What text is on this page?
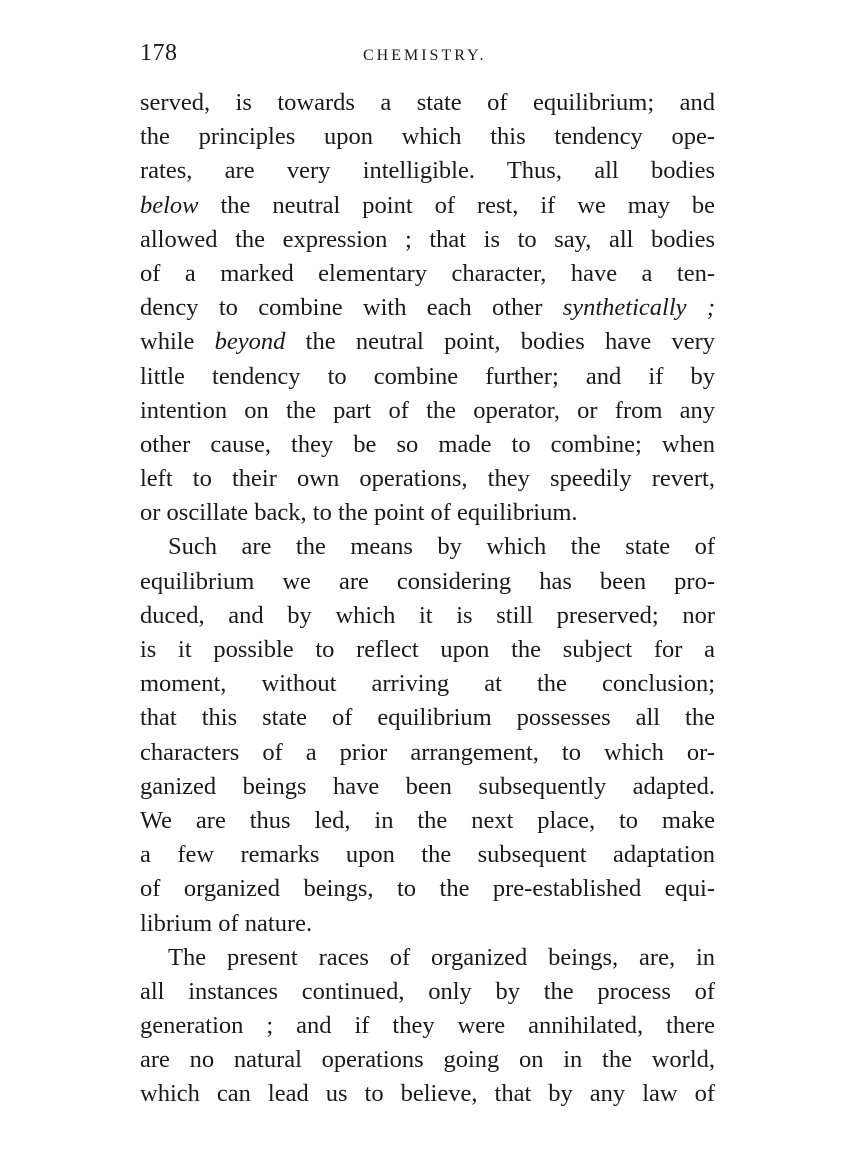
178	CHEMISTRY.
served, is towards a state of equilibrium; and
the principles upon which this tendency ope-
rates, are very intelligible. Thus, all bodies
below the neutral point of rest, if we may be
allowed the expression ; that is to say, all bodies
of a marked elementary character, have a ten-
dency to combine with each other synthetically ;
while beyond the neutral point, bodies have very
little tendency to combine further; and if by
intention on the part of the operator, or from any
other cause, they be so made to combine; when
left to their own operations, they speedily revert,
or oscillate back, to the point of equilibrium.
Such are the means by which the state of
equilibrium we are considering has been pro-
duced, and by which it is still preserved; nor
is it possible to reflect upon the subject for a
moment, without arriving at the conclusion;
that this state of equilibrium possesses all the
characters of a prior arrangement, to which or-
ganized beings have been subsequently adapted.
We are thus led, in the next place, to make
a few remarks upon the subsequent adaptation
of organized beings, to the pre-established equi-
librium of nature.
The present races of organized beings, are, in
all instances continued, only by the process of
generation ; and if they were annihilated, there
are no natural operations going on in the world,
which can lead us to believe, that by any law of
